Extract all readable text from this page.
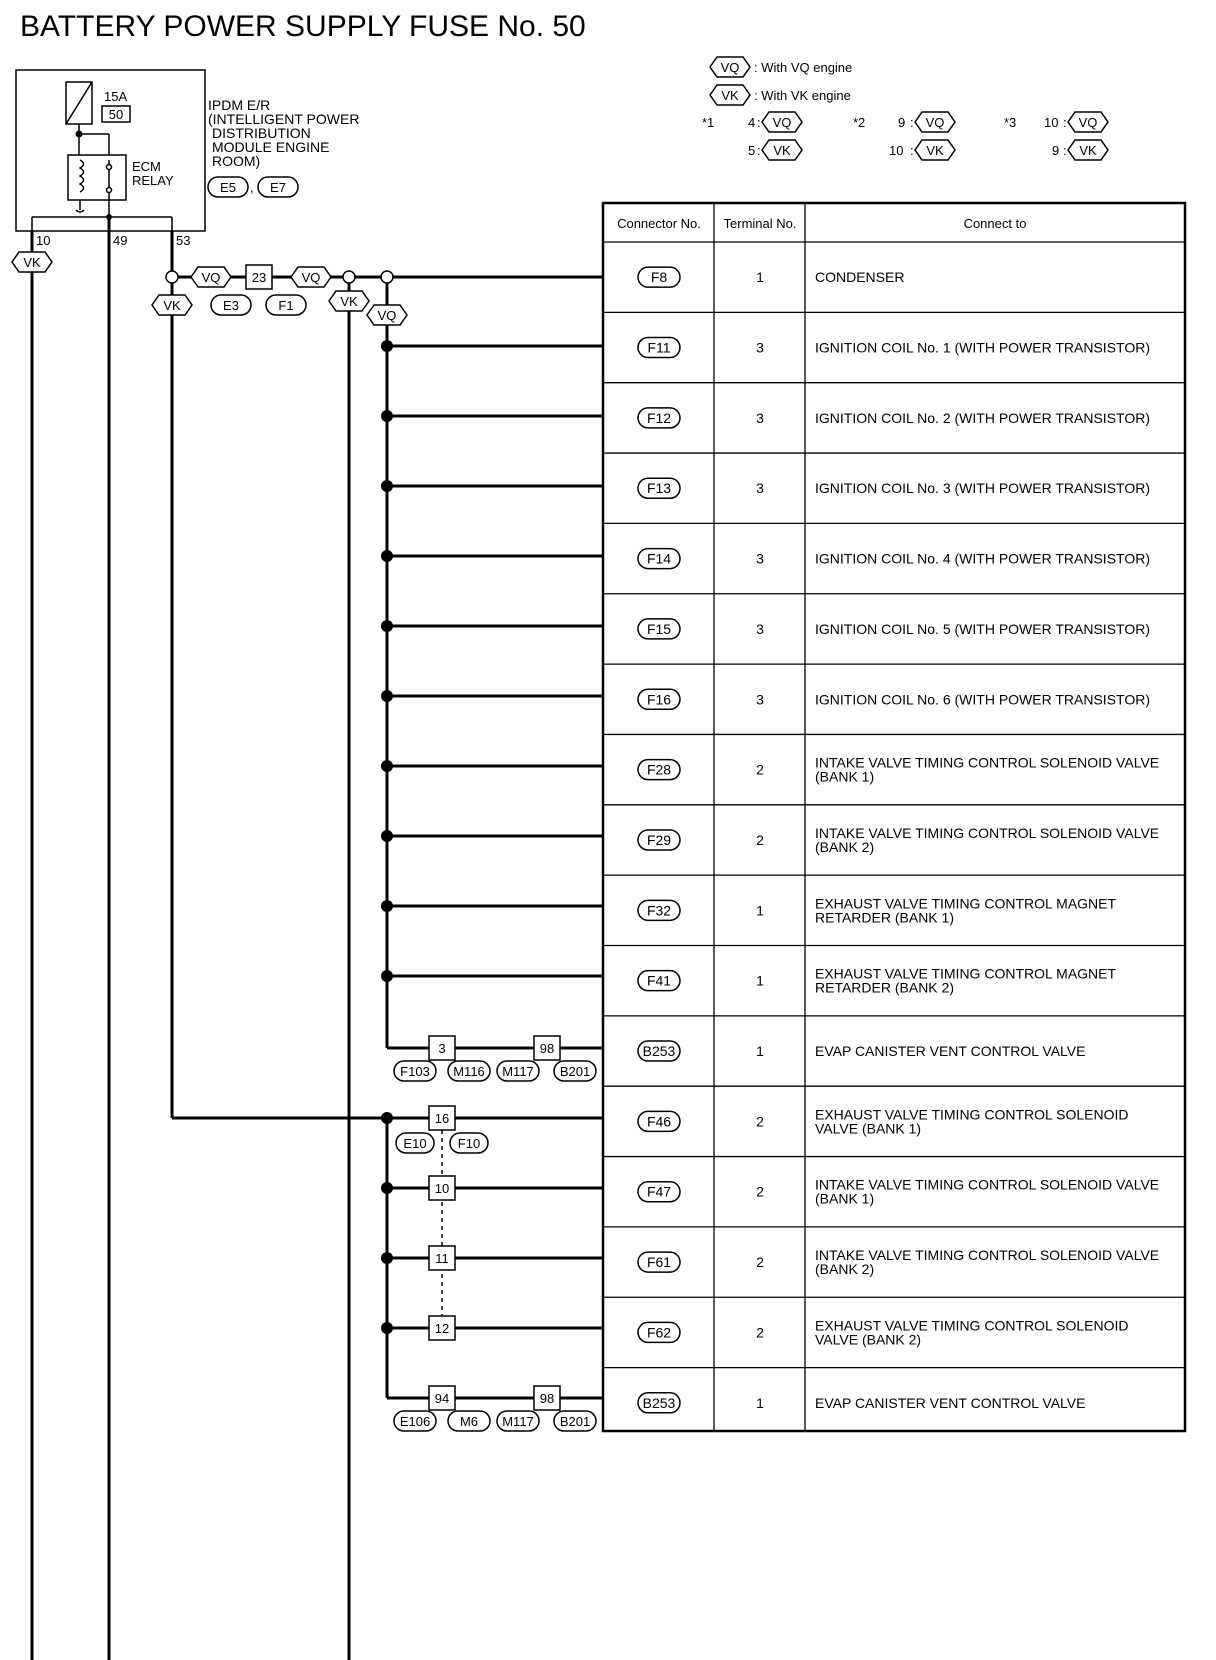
BATTERY POWER SUPPLY FUSE No. 50
VQ : With VQ engine
VK : With VK engine
*1	4 : VQ
5 : VK
*2	9 : VQ
10 : VK
*3 10 : VQ
9 : VK
15A
50
ECM
RELAY
IPDM E/R
(INTELLIGENT POWER
DISTRIBUTION
MODULE ENGINE
ROOM)
E5 , E7
10	49	53
VK
VQ 23	VQ
VK	E3	F1	VK
VQ
3	98
F103 M116 M117 B201
16
E10 F10
10
11
12
94	98
E106 M6 M117 B201
Connector No. Terminal No.	Connect to
F8	1	CONDENSER
F11	3	IGNITION COIL No. 1 (WITH POWER TRANSISTOR)
F12	3	IGNITION COIL No. 2 (WITH POWER TRANSISTOR)
F13	3	IGNITION COIL No. 3 (WITH POWER TRANSISTOR)
F14	3	IGNITION COIL No. 4 (WITH POWER TRANSISTOR)
F15	3	IGNITION COIL No. 5 (WITH POWER TRANSISTOR)
F16	3	IGNITION COIL No. 6 (WITH POWER TRANSISTOR)
F28	2	INTAKE VALVE TIMING CONTROL SOLENOID VALVE
(BANK 1)
F29	2	INTAKE VALVE TIMING CONTROL SOLENOID VALVE
(BANK 2)
F32	1	EXHAUST VALVE TIMING CONTROL MAGNET
RETARDER (BANK 1)
F41	1	EXHAUST VALVE TIMING CONTROL MAGNET
RETARDER (BANK 2)
B253	1	EVAP CANISTER VENT CONTROL VALVE
F46	2	EXHAUST VALVE TIMING CONTROL SOLENOID
VALVE (BANK 1)
F47	2	INTAKE VALVE TIMING CONTROL SOLENOID VALVE
(BANK 1)
F61	2	INTAKE VALVE TIMING CONTROL SOLENOID VALVE
(BANK 2)
F62	2	EXHAUST VALVE TIMING CONTROL SOLENOID
VALVE (BANK 2)
B253	1	EVAP CANISTER VENT CONTROL VALVE
